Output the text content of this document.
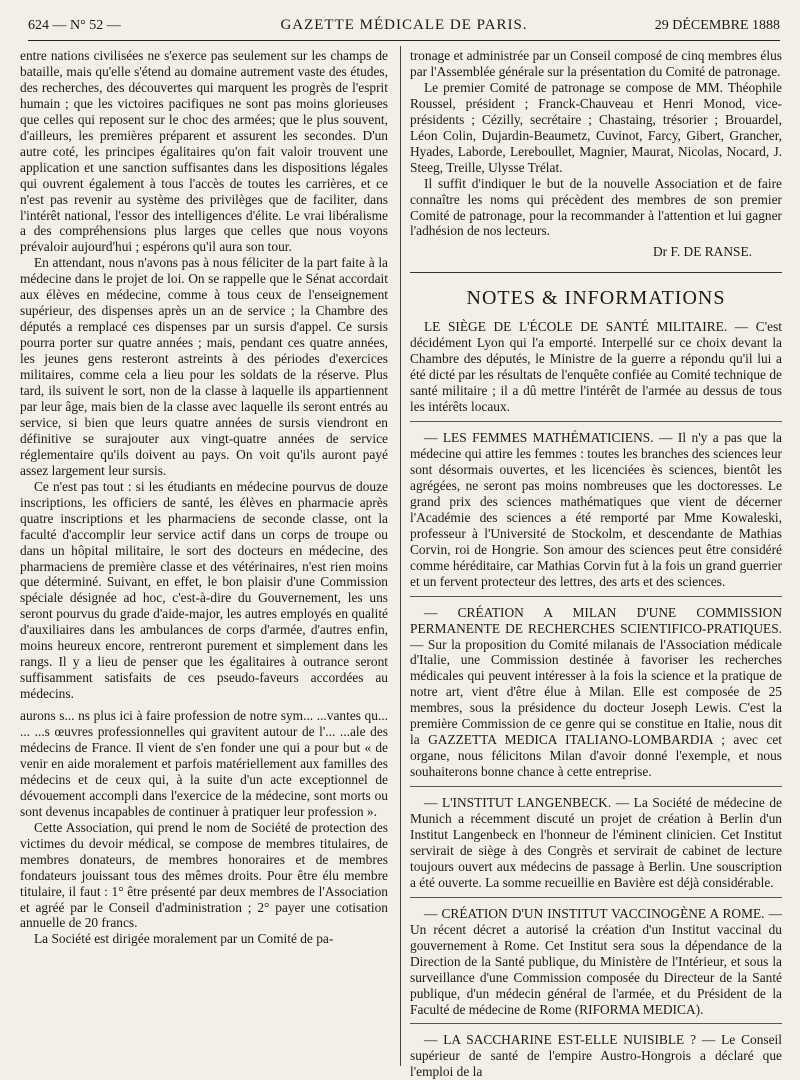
624 — N° 52 —	GAZETTE MÉDICALE DE PARIS.	29 DÉCEMBRE 1888

entre nations civilisées ne s'exerce pas seulement sur les champs de bataille, mais qu'elle s'étend au domaine autrement vaste des études, des recherches, des découvertes qui marquent les progrès de l'esprit humain ; que les victoires pacifiques ne sont pas moins glorieuses que celles qui reposent sur le choc des armées; que le plus souvent, d'ailleurs, les premières préparent et assurent les secondes. D'un autre coté, les principes égalitaires qu'on fait valoir trouvent une application et une sanction suffisantes dans les dispositions légales qui ouvrent également à tous l'accès de toutes les carrières, et ce n'est pas revenir au système des privilèges que de faciliter, dans l'intérêt national, l'essor des intelligences d'élite. Le vrai libéralisme a des compréhensions plus larges que celles que nous voyons prévaloir aujourd'hui ; espérons qu'il aura son tour.

En attendant, nous n'avons pas à nous féliciter de la part faite à la médecine dans le projet de loi. On se rappelle que le Sénat accordait aux élèves en médecine, comme à tous ceux de l'enseignement supérieur, des dispenses après un an de service ; la Chambre des députés a remplacé ces dispenses par un sursis d'appel. Ce sursis pourra porter sur quatre années ; mais, pendant ces quatre années, les jeunes gens resteront astreints à des périodes d'exercices militaires, comme cela a lieu pour les soldats de la réserve. Plus tard, ils suivent le sort, non de la classe à laquelle ils appartiennent par leur âge, mais bien de la classe avec laquelle ils seront entrés au service, si bien que leurs quatre années de sursis viendront en définitive se surajouter aux vingt-quatre années de service réglementaire qu'ils doivent au pays. On voit qu'ils auront payé assez largement leur sursis.

Ce n'est pas tout : si les étudiants en médecine pourvus de douze inscriptions, les officiers de santé, les élèves en pharmacie après quatre inscriptions et les pharmaciens de seconde classe, ont la faculté d'accomplir leur service actif dans un corps de troupe ou dans un hôpital militaire, le sort des docteurs en médecine, des pharmaciens de première classe et des vétérinaires, n'est rien moins que déterminé. Suivant, en effet, le bon plaisir d'une Commission spéciale désignée ad hoc, c'est-à-dire du Gouvernement, les uns seront pourvus du grade d'aide-major, les autres employés en qualité d'auxiliaires dans les ambulances de corps d'armée, d'autres enfin, moins heureux encore, rentreront purement et simplement dans les rangs. Il y a lieu de penser que les égalitaires à outrance seront suffisamment satisfaits de ces pseudo-faveurs accordées au médecins.

aurons s... ns plus ici à faire profession de notre sym... ...vantes qu... ... ...s œuvres professionnelles qui gravitent autour de l'... ...ale des médecins de France. Il vient de s'en fonder une qui a pour but « de venir en aide moralement et parfois matériellement aux familles des médecins et de ceux qui, à la suite d'un acte exceptionnel de dévouement accompli dans l'exercice de la médecine, sont morts ou sont devenus incapables de continuer à pratiquer leur profession ».

Cette Association, qui prend le nom de Société de protection des victimes du devoir médical, se compose de membres titulaires, de membres donateurs, de membres honoraires et de membres fondateurs jouissant tous des mêmes droits. Pour être élu membre titulaire, il faut : 1° être présenté par deux membres de l'Association et agréé par le Conseil d'administration ; 2° payer une cotisation annuelle de 20 francs.

La Société est dirigée moralement par un Comité de pa-

tronage et administrée par un Conseil composé de cinq membres élus par l'Assemblée générale sur la présentation du Comité de patronage.

Le premier Comité de patronage se compose de MM. Théophile Roussel, président ; Franck-Chauveau et Henri Monod, vice-présidents ; Cézilly, secrétaire ; Chastaing, trésorier ; Brouardel, Léon Colin, Dujardin-Beaumetz, Cuvinot, Farcy, Gibert, Grancher, Hyades, Laborde, Lereboullet, Magnier, Maurat, Nicolas, Nocard, J. Steeg, Treille, Ulysse Trélat.

Il suffit d'indiquer le but de la nouvelle Association et de faire connaître les noms qui précèdent des membres de son premier Comité de patronage, pour la recommander à l'attention et lui gagner l'adhésion de nos lecteurs.

Dr F. DE RANSE.
NOTES & INFORMATIONS

LE SIÈGE DE L'ÉCOLE DE SANTÉ MILITAIRE. — C'est décidément Lyon qui l'a emporté. Interpellé sur ce choix devant la Chambre des députés, le Ministre de la guerre a répondu qu'il lui a été dicté par les résultats de l'enquête confiée au Comité technique de santé militaire ; il a dû mettre l'intérêt de l'armée au dessus de tous les intérêts locaux.

— LES FEMMES MATHÉMATICIENS. — Il n'y a pas que la médecine qui attire les femmes : toutes les branches des sciences leur sont désormais ouvertes, et les licenciées ès sciences, bientôt les agrégées, ne seront pas moins nombreuses que les doctoresses. Le grand prix des sciences mathématiques que vient de décerner l'Académie des sciences a été remporté par Mme Kowaleski, professeur à l'Université de Stockolm, et descendante de Mathias Corvin, roi de Hongrie. Son amour des sciences peut être considéré comme héréditaire, car Mathias Corvin fut à la fois un grand guerrier et un fervent protecteur des lettres, des arts et des sciences.

— CRÉATION A MILAN D'UNE COMMISSION PERMANENTE DE RECHERCHES SCIENTIFICO-PRATIQUES. — Sur la proposition du Comité milanais de l'Association médicale d'Italie, une Commission destinée à favoriser les recherches médicales qui peuvent intéresser à la fois la science et la pratique de notre art, vient d'être élue à Milan. Elle est composée de 25 membres, sous la présidence du docteur Joseph Lewis. C'est la première Commission de ce genre qui se constitue en Italie, nous dit la GAZZETTA MEDICA ITALIANO-LOMBARDIA ; avec cet organe, nous félicitons Milan d'avoir donné l'exemple, et nous souhaiterons bonne chance à cette entreprise.

— L'INSTITUT LANGENBECK. — La Société de médecine de Munich a récemment discuté un projet de création à Berlin d'un Institut Langenbeck en l'honneur de l'éminent clinicien. Cet Institut servirait de siège à des Congrès et servirait de cabinet de lecture toujours ouvert aux médecins de passage à Berlin. Une souscription a été ouverte. La somme recueillie en Bavière est déjà considérable.

— CRÉATION D'UN INSTITUT VACCINOGÈNE A ROME. — Un récent décret a autorisé la création d'un Institut vaccinal du gouvernement à Rome. Cet Institut sera sous la dépendance de la Direction de la Santé publique, du Ministère de l'Intérieur, et sous la surveillance d'une Commission composée du Directeur de la Santé publique, d'un médecin général de l'armée, et du Président de la Faculté de médecine de Rome (RIFORMA MEDICA).

— LA SACCHARINE EST-ELLE NUISIBLE ? — Le Conseil supérieur de santé de l'empire Austro-Hongrois a déclaré que l'emploi de la
